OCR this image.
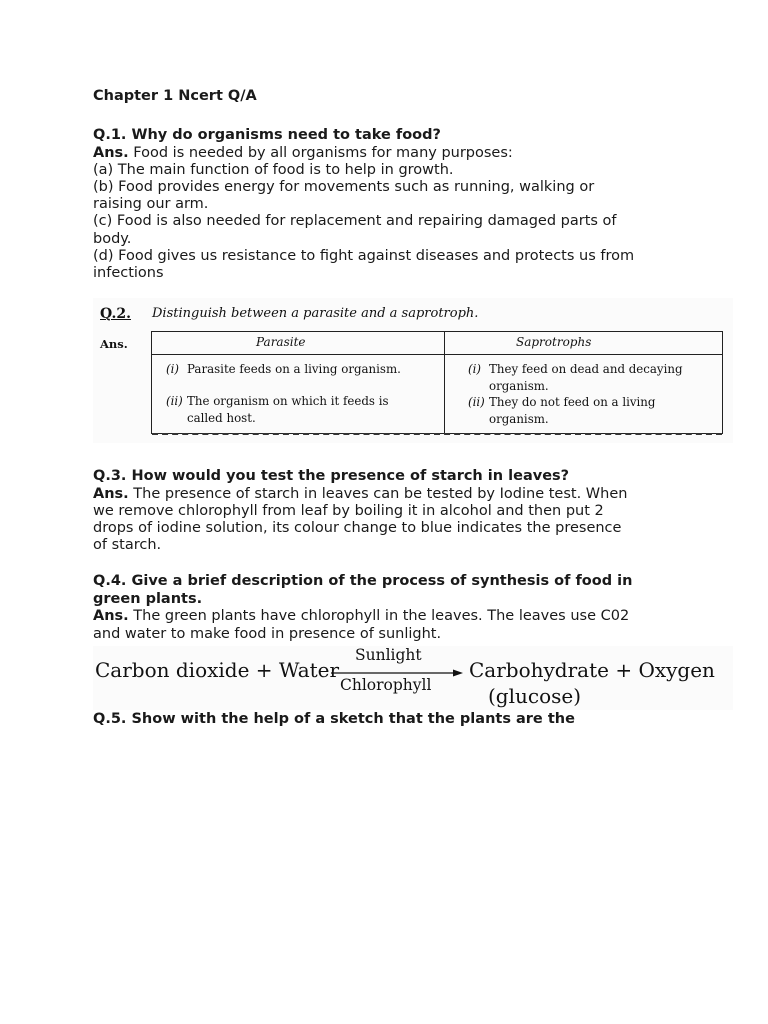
Chapter 1 Ncert Q/A

Q.1. Why do organisms need to take food?

Ans. Food is needed by all organisms for many purposes:

(a) The main function of food is to help in growth.

(b) Food provides energy for movements such as running, walking or

raising our arm.

(c) Food is also needed for replacement and repairing damaged parts of

body.

(d) Food gives us resistance to fight against diseases and protects us from

infections

Q.2. Distinguish between a parasite and a saprotroph.
Ans.	Parasite	Saprotrophs
(i) Parasite feeds on a living organism.
(ii) The organism on which it feeds is
called host.
(i) They feed on dead and decaying
organism.
(ii) They do not feed on a living
organism.

Q.3. How would you test the presence of starch in leaves?

Ans. The presence of starch in leaves can be tested by Iodine test. When

we remove chlorophyll from leaf by boiling it in alcohol and then put 2

drops of iodine solution, its colour change to blue indicates the presence

of starch.

Q.4. Give a brief description of the process of synthesis of food in

green plants.

Ans. The green plants have chlorophyll in the leaves. The leaves use C02

and water to make food in presence of sunlight.

Carbon dioxide + Water
Sunlight
Chlorophyll
Carbohydrate + Oxygen
(glucose)

Q.5. Show with the help of a sketch that the plants are the
